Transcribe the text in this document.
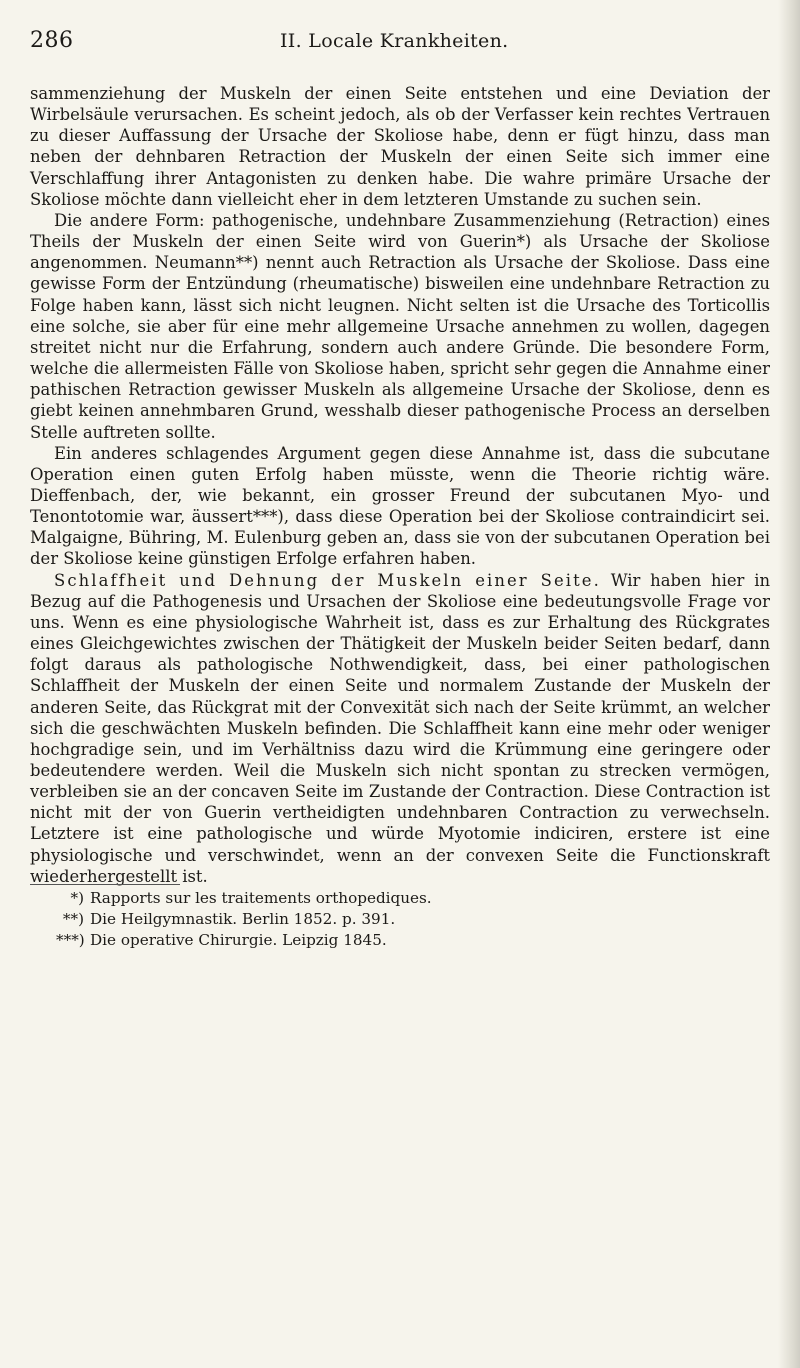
286	II. Locale Krankheiten.

sammenziehung der Muskeln der einen Seite entstehen und eine Deviation der Wirbelsäule verursachen. Es scheint jedoch, als ob der Verfasser kein rechtes Vertrauen zu dieser Auffassung der Ursache der Skoliose habe, denn er fügt hinzu, dass man neben der dehnbaren Retraction der Muskeln der einen Seite sich immer eine Verschlaffung ihrer Antagonisten zu denken habe. Die wahre primäre Ursache der Skoliose möchte dann vielleicht eher in dem letzteren Umstande zu suchen sein.

Die andere Form: pathogenische, undehnbare Zusammenziehung (Retraction) eines Theils der Muskeln der einen Seite wird von Guerin*) als Ursache der Skoliose angenommen. Neumann**) nennt auch Retraction als Ursache der Skoliose. Dass eine gewisse Form der Entzündung (rheumatische) bisweilen eine undehnbare Retraction zu Folge haben kann, lässt sich nicht leugnen. Nicht selten ist die Ursache des Torticollis eine solche, sie aber für eine mehr allgemeine Ursache annehmen zu wollen, dagegen streitet nicht nur die Erfahrung, sondern auch andere Gründe. Die besondere Form, welche die allermeisten Fälle von Skoliose haben, spricht sehr gegen die Annahme einer pathischen Retraction gewisser Muskeln als allgemeine Ursache der Skoliose, denn es giebt keinen annehmbaren Grund, wesshalb dieser pathogenische Process an derselben Stelle auftreten sollte.

Ein anderes schlagendes Argument gegen diese Annahme ist, dass die subcutane Operation einen guten Erfolg haben müsste, wenn die Theorie richtig wäre. Dieffenbach, der, wie bekannt, ein grosser Freund der subcutanen Myo- und Tenontotomie war, äussert***), dass diese Operation bei der Skoliose contraindicirt sei. Malgaigne, Bühring, M. Eulenburg geben an, dass sie von der subcutanen Operation bei der Skoliose keine günstigen Erfolge erfahren haben.

Schlaffheit und Dehnung der Muskeln einer Seite. Wir haben hier in Bezug auf die Pathogenesis und Ursachen der Skoliose eine bedeutungsvolle Frage vor uns. Wenn es eine physiologische Wahrheit ist, dass es zur Erhaltung des Rückgrates eines Gleichgewichtes zwischen der Thätigkeit der Muskeln beider Seiten bedarf, dann folgt daraus als pathologische Nothwendigkeit, dass, bei einer pathologischen Schlaffheit der Muskeln der einen Seite und normalem Zustande der Muskeln der anderen Seite, das Rückgrat mit der Convexität sich nach der Seite krümmt, an welcher sich die geschwächten Muskeln befinden. Die Schlaffheit kann eine mehr oder weniger hochgradige sein, und im Verhältniss dazu wird die Krümmung eine geringere oder bedeutendere werden. Weil die Muskeln sich nicht spontan zu strecken vermögen, verbleiben sie an der concaven Seite im Zustande der Contraction. Diese Contraction ist nicht mit der von Guerin vertheidigten undehnbaren Contraction zu verwechseln. Letztere ist eine pathologische und würde Myotomie indiciren, erstere ist eine physiologische und verschwindet, wenn an der convexen Seite die Functionskraft wiederhergestellt ist.

*) Rapports sur les traitements orthopediques.

**) Die Heilgymnastik. Berlin 1852. p. 391.

***) Die operative Chirurgie. Leipzig 1845.
